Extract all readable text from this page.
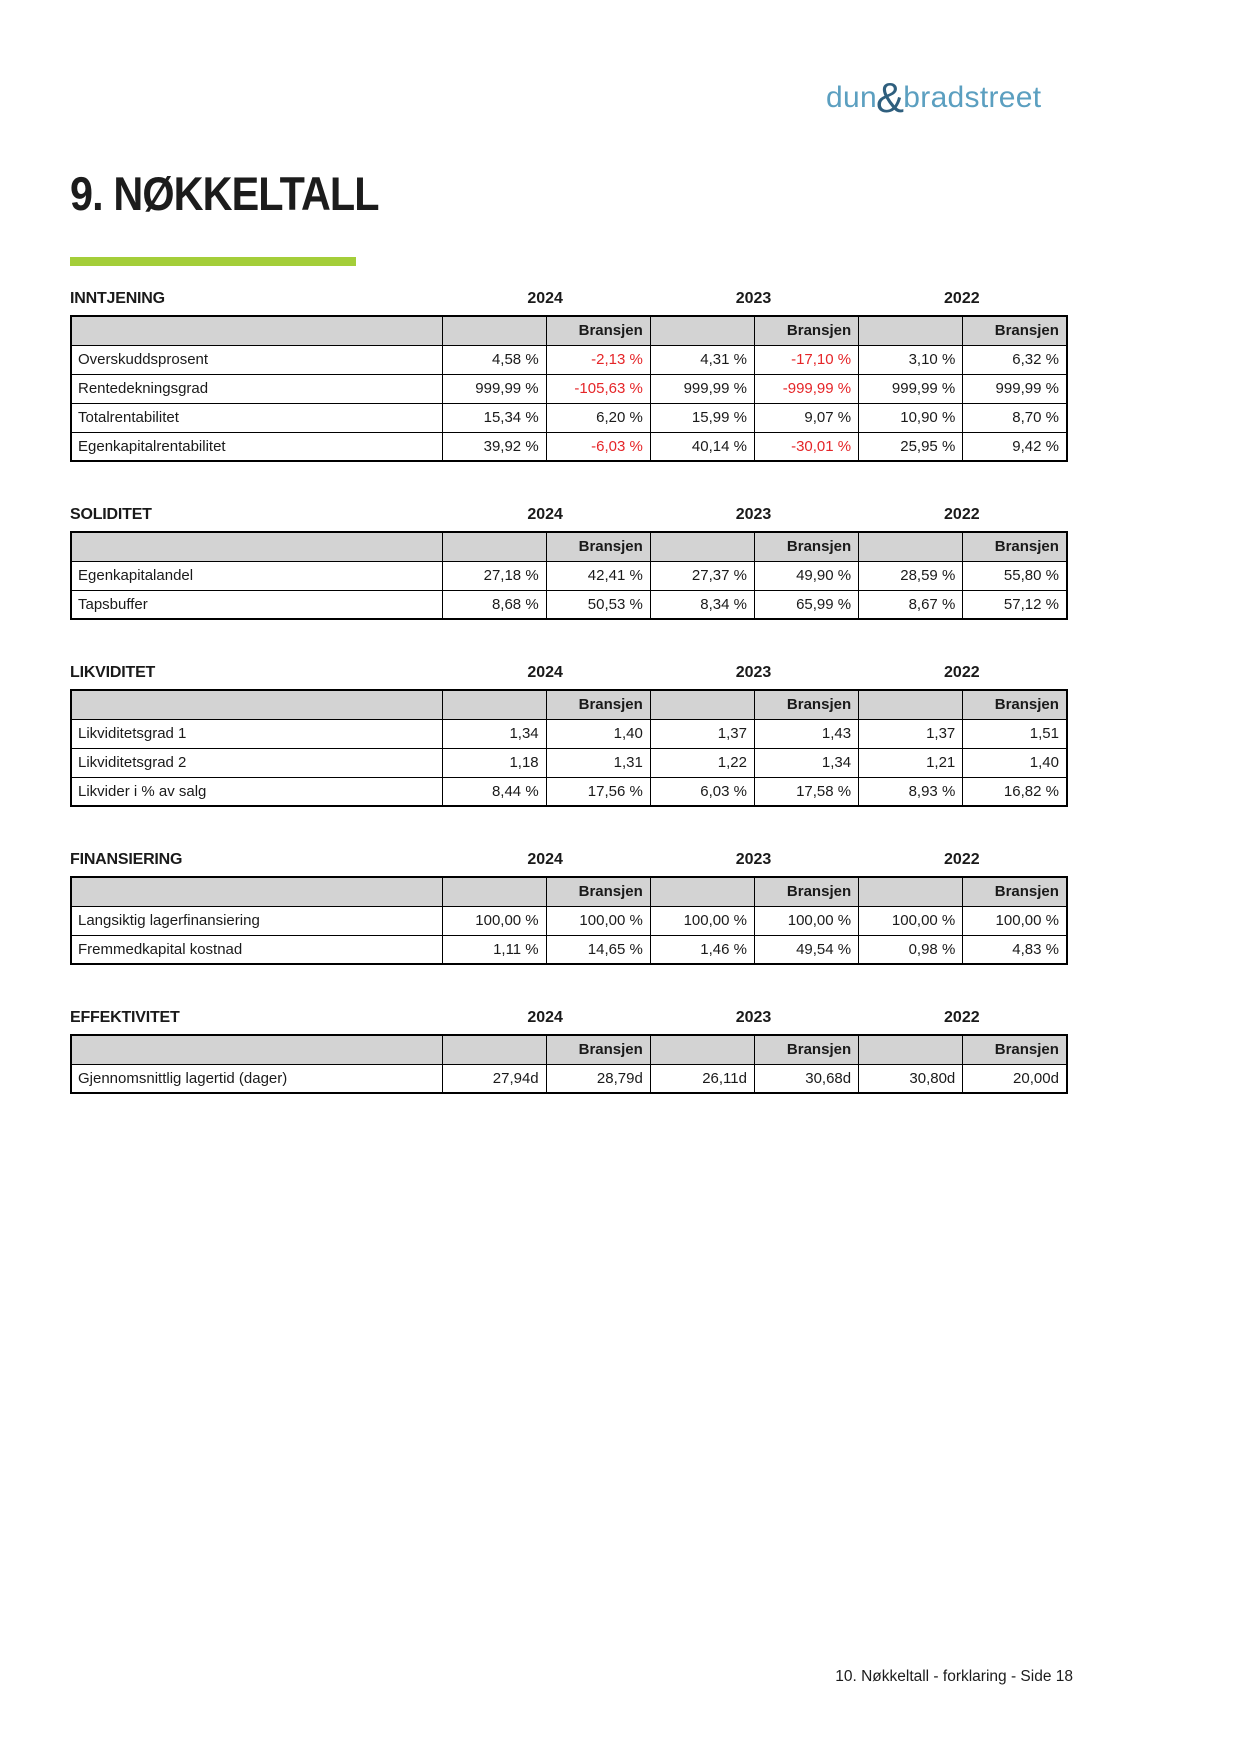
dun&bradstreet
9. NØKKELTALL
INNTJENING	2024	2023	2022
		Bransjen		Bransjen		Bransjen
Overskuddsprosent	4,58 %	-2,13 %	4,31 %	-17,10 %	3,10 %	6,32 %
Rentedekningsgrad	999,99 %	-105,63 %	999,99 %	-999,99 %	999,99 %	999,99 %
Totalrentabilitet	15,34 %	6,20 %	15,99 %	9,07 %	10,90 %	8,70 %
Egenkapitalrentabilitet	39,92 %	-6,03 %	40,14 %	-30,01 %	25,95 %	9,42 %
SOLIDITET	2024	2023	2022
		Bransjen		Bransjen		Bransjen
Egenkapitalandel	27,18 %	42,41 %	27,37 %	49,90 %	28,59 %	55,80 %
Tapsbuffer	8,68 %	50,53 %	8,34 %	65,99 %	8,67 %	57,12 %
LIKVIDITET	2024	2023	2022
		Bransjen		Bransjen		Bransjen
Likviditetsgrad 1	1,34	1,40	1,37	1,43	1,37	1,51
Likviditetsgrad 2	1,18	1,31	1,22	1,34	1,21	1,40
Likvider i % av salg	8,44 %	17,56 %	6,03 %	17,58 %	8,93 %	16,82 %
FINANSIERING	2024	2023	2022
		Bransjen		Bransjen		Bransjen
Langsiktig lagerfinansiering	100,00 %	100,00 %	100,00 %	100,00 %	100,00 %	100,00 %
Fremmedkapital kostnad	1,11 %	14,65 %	1,46 %	49,54 %	0,98 %	4,83 %
EFFEKTIVITET	2024	2023	2022
		Bransjen		Bransjen		Bransjen
Gjennomsnittlig lagertid (dager)	27,94d	28,79d	26,11d	30,68d	30,80d	20,00d
10. Nøkkeltall - forklaring - Side 18
